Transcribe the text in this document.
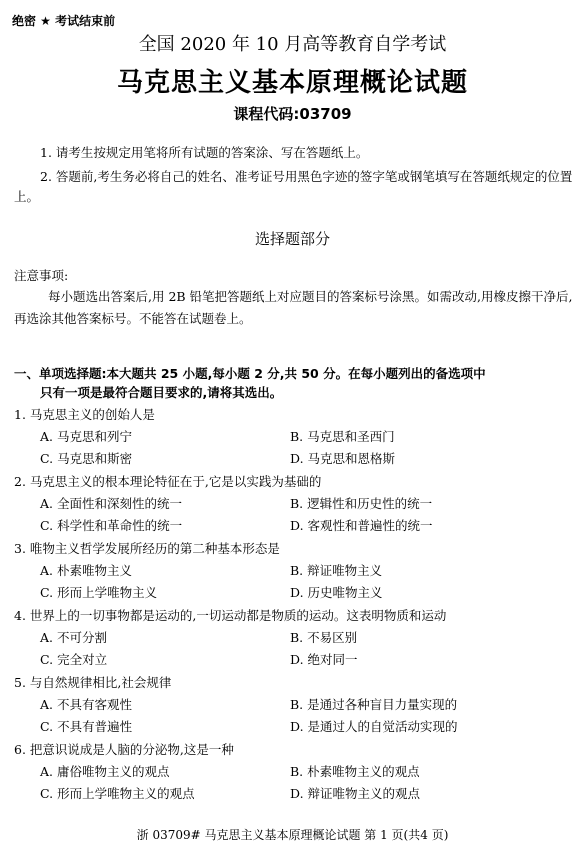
绝密 ★ 考试结束前
全国 2020 年 10 月高等教育自学考试
马克思主义基本原理概论试题
课程代码:03709
1. 请考生按规定用笔将所有试题的答案涂、写在答题纸上。
2. 答题前,考生务必将自己的姓名、准考证号用黑色字迹的签字笔或钢笔填写在答题纸规定的位置上。
选择题部分
注意事项:
每小题选出答案后,用 2B 铅笔把答题纸上对应题目的答案标号涂黑。如需改动,用橡皮擦干净后,再选涂其他答案标号。不能答在试题卷上。
一、单项选择题:本大题共 25 小题,每小题 2 分,共 50 分。在每小题列出的备选项中
只有一项是最符合题目要求的,请将其选出。
1. 马克思主义的创始人是
A. 马克思和列宁	B. 马克思和圣西门
C. 马克思和斯密	D. 马克思和恩格斯
2. 马克思主义的根本理论特征在于,它是以实践为基础的
A. 全面性和深刻性的统一	B. 逻辑性和历史性的统一
C. 科学性和革命性的统一	D. 客观性和普遍性的统一
3. 唯物主义哲学发展所经历的第二种基本形态是
A. 朴素唯物主义	B. 辩证唯物主义
C. 形而上学唯物主义	D. 历史唯物主义
4. 世界上的一切事物都是运动的,一切运动都是物质的运动。这表明物质和运动
A. 不可分割	B. 不易区别
C. 完全对立	D. 绝对同一
5. 与自然规律相比,社会规律
A. 不具有客观性	B. 是通过各种盲目力量实现的
C. 不具有普遍性	D. 是通过人的自觉活动实现的
6. 把意识说成是人脑的分泌物,这是一种
A. 庸俗唯物主义的观点	B. 朴素唯物主义的观点
C. 形而上学唯物主义的观点	D. 辩证唯物主义的观点
浙 03709# 马克思主义基本原理概论试题 第 1 页(共4 页)
